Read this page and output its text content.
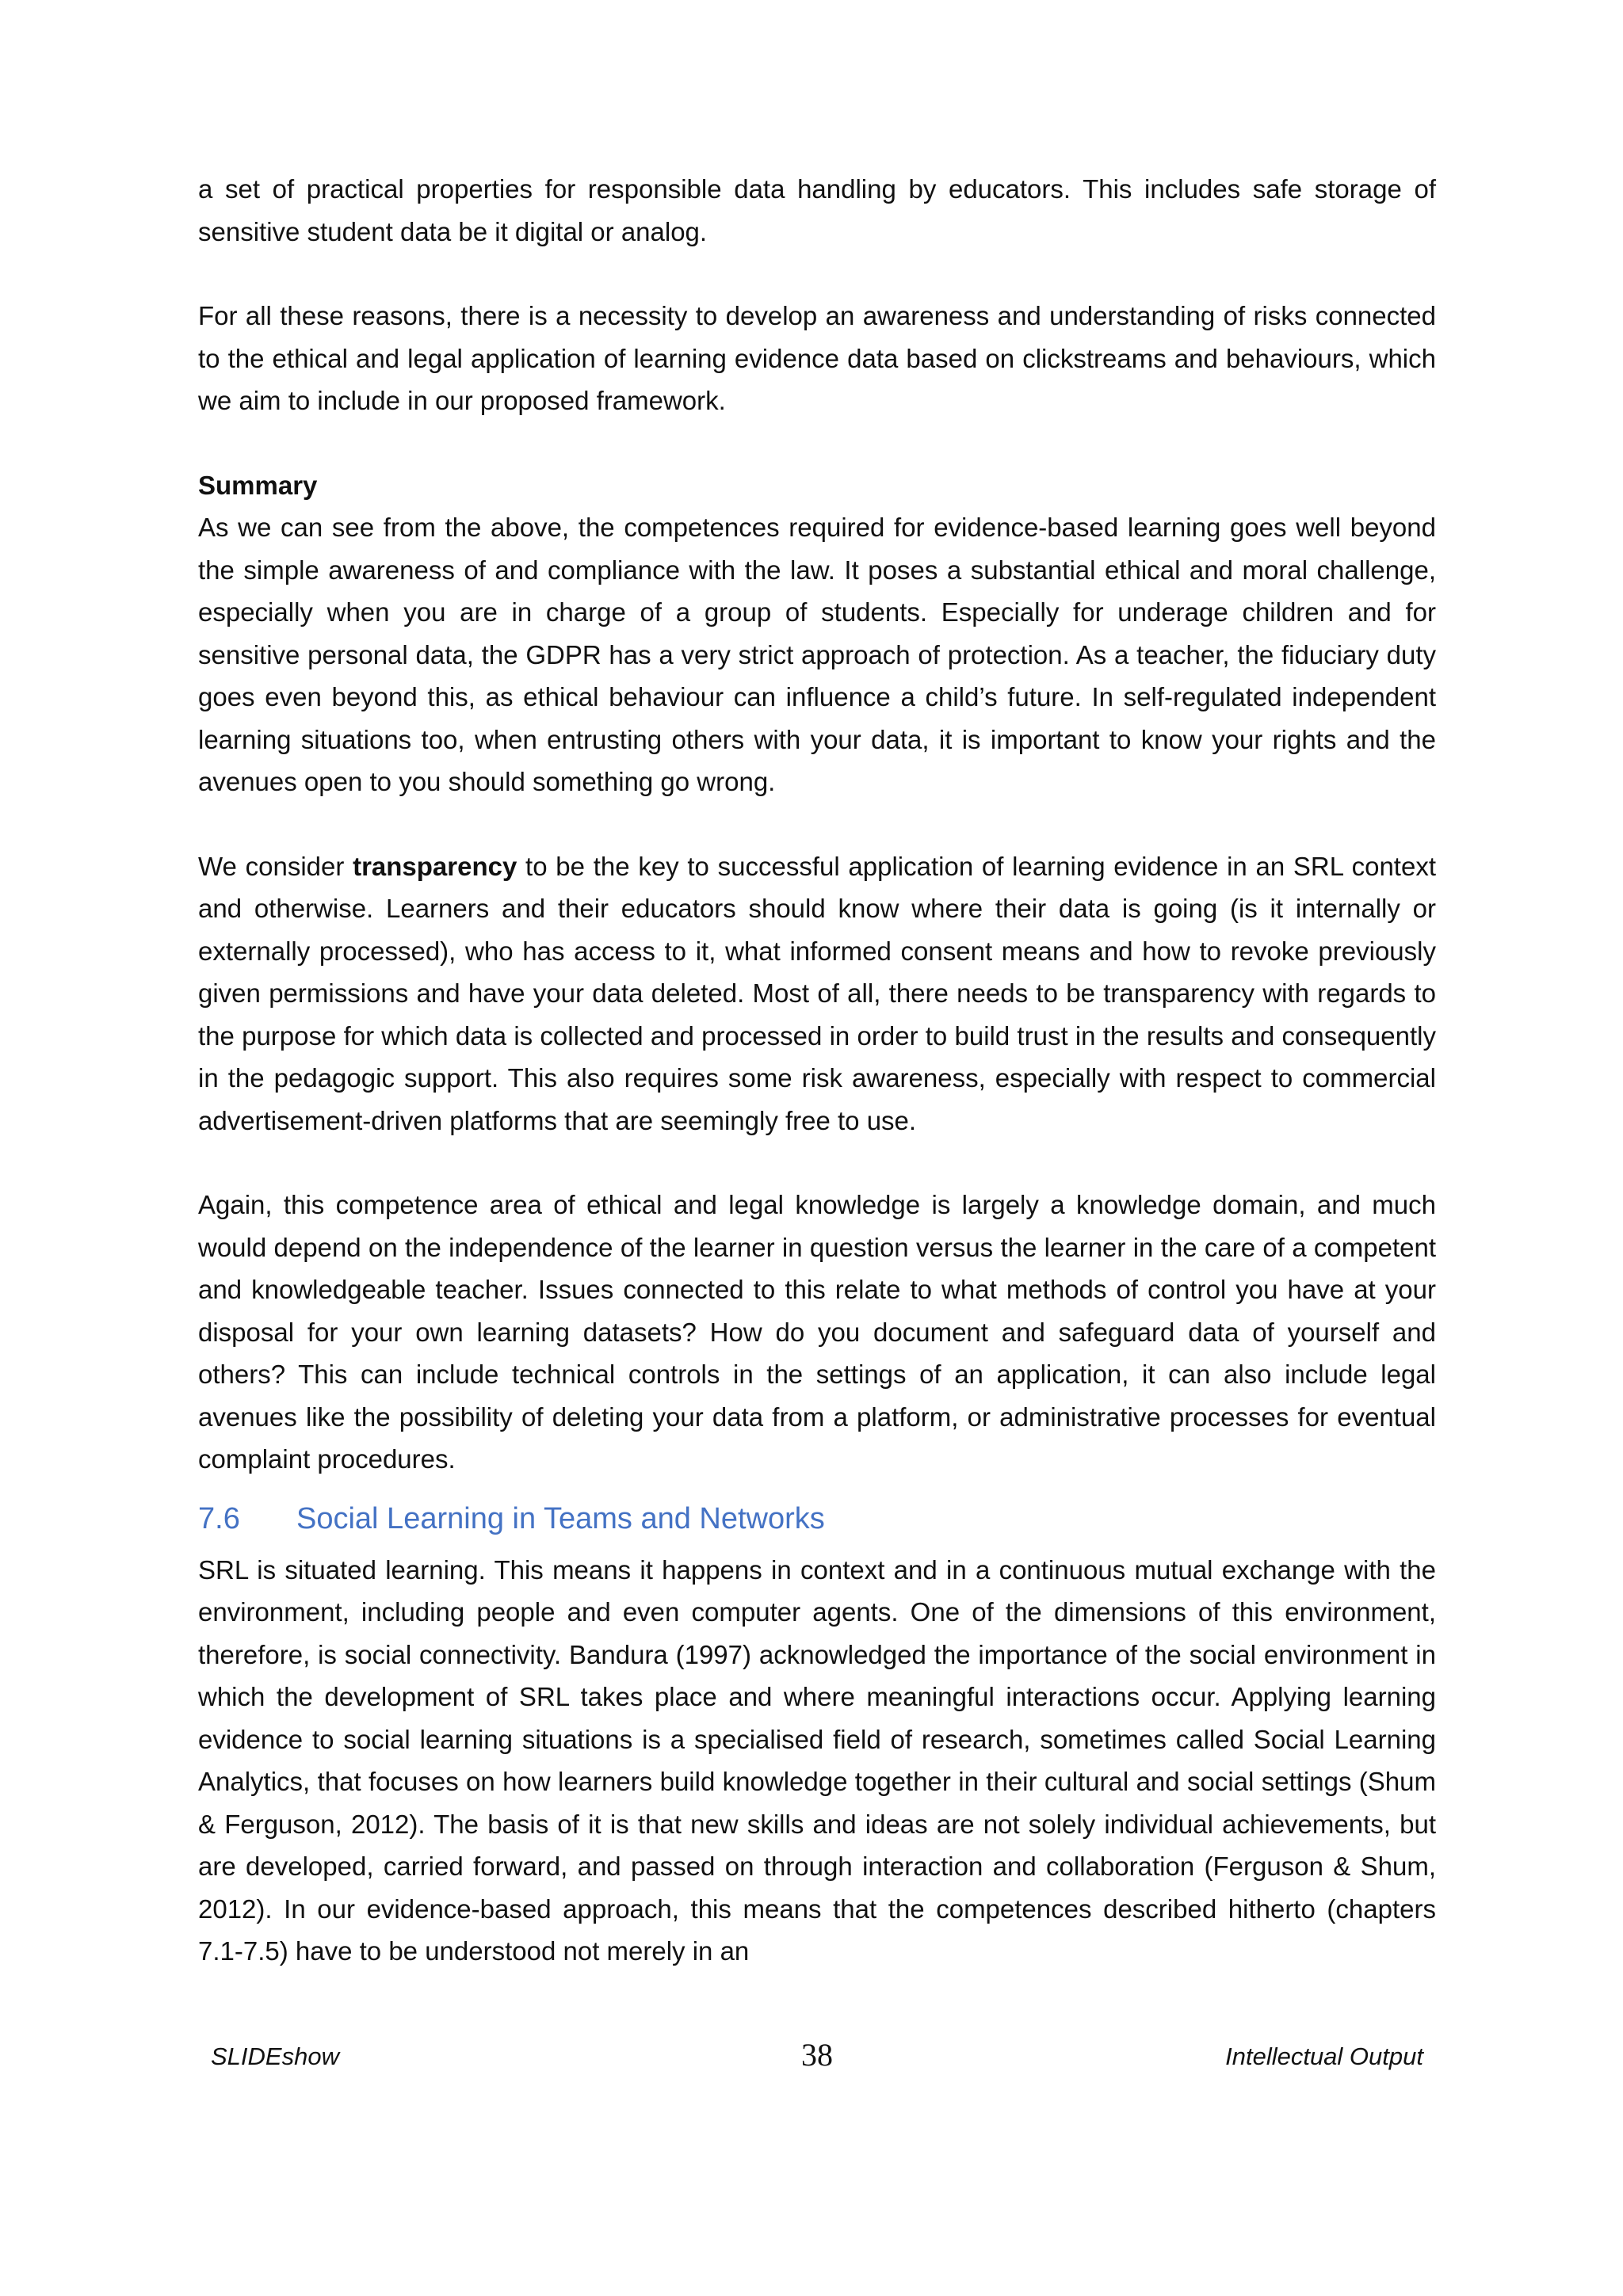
a set of practical properties for responsible data handling by educators. This includes safe storage of sensitive student data be it digital or analog.

For all these reasons, there is a necessity to develop an awareness and understanding of risks connected to the ethical and legal application of learning evidence data based on clickstreams and behaviours, which we aim to include in our proposed framework.

Summary

As we can see from the above, the competences required for evidence-based learning goes well beyond the simple awareness of and compliance with the law. It poses a substantial ethical and moral challenge, especially when you are in charge of a group of students. Especially for underage children and for sensitive personal data, the GDPR has a very strict approach of protection. As a teacher, the fiduciary duty goes even beyond this, as ethical behaviour can influence a child’s future. In self-regulated independent learning situations too, when entrusting others with your data, it is important to know your rights and the avenues open to you should something go wrong.

We consider transparency to be the key to successful application of learning evidence in an SRL context and otherwise. Learners and their educators should know where their data is going (is it internally or externally processed), who has access to it, what informed consent means and how to revoke previously given permissions and have your data deleted. Most of all, there needs to be transparency with regards to the purpose for which data is collected and processed in order to build trust in the results and consequently in the pedagogic support. This also requires some risk awareness, especially with respect to commercial advertisement-driven platforms that are seemingly free to use.

Again, this competence area of ethical and legal knowledge is largely a knowledge domain, and much would depend on the independence of the learner in question versus the learner in the care of a competent and knowledgeable teacher. Issues connected to this relate to what methods of control you have at your disposal for your own learning datasets? How do you document and safeguard data of yourself and others? This can include technical controls in the settings of an application, it can also include legal avenues like the possibility of deleting your data from a platform, or administrative processes for eventual complaint procedures.

7.6	Social Learning in Teams and Networks

SRL is situated learning. This means it happens in context and in a continuous mutual exchange with the environment, including people and even computer agents. One of the dimensions of this environment, therefore, is social connectivity. Bandura (1997) acknowledged the importance of the social environment in which the development of SRL takes place and where meaningful interactions occur. Applying learning evidence to social learning situations is a specialised field of research, sometimes called Social Learning Analytics, that focuses on how learners build knowledge together in their cultural and social settings (Shum & Ferguson, 2012). The basis of it is that new skills and ideas are not solely individual achievements, but are developed, carried forward, and passed on through interaction and collaboration (Ferguson & Shum, 2012). In our evidence-based approach, this means that the competences described hitherto (chapters 7.1-7.5) have to be understood not merely in an

SLIDEshow	38	Intellectual Output
